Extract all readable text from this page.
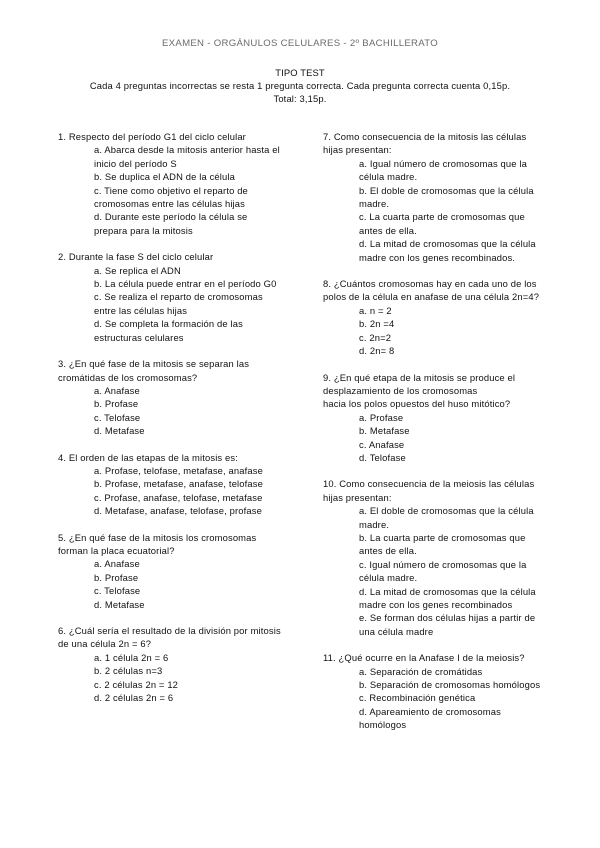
EXAMEN - ORGÁNULOS CELULARES - 2º BACHILLERATO
TIPO TEST
Cada 4 preguntas incorrectas se resta 1 pregunta correcta. Cada pregunta correcta cuenta 0,15p.
Total: 3,15p.
1. Respecto del período G1 del ciclo celular
a. Abarca desde la mitosis anterior hasta el
inicio del período S
b. Se duplica el ADN de la célula
c. Tiene como objetivo el reparto de
cromosomas entre las células hijas
d. Durante este período la célula se
prepara para la mitosis
2. Durante la fase S del ciclo celular
a. Se replica el ADN
b. La célula puede entrar en el período G0
c. Se realiza el reparto de cromosomas
entre las células hijas
d. Se completa la formación de las
estructuras celulares
3. ¿En qué fase de la mitosis se separan las
cromátidas de los cromosomas?
a. Anafase
b. Profase
c. Telofase
d. Metafase
4. El orden de las etapas de la mitosis es:
a. Profase, telofase, metafase, anafase
b. Profase, metafase, anafase, telofase
c. Profase, anafase, telofase, metafase
d. Metafase, anafase, telofase, profase
5. ¿En qué fase de la mitosis los cromosomas
forman la placa ecuatorial?
a. Anafase
b. Profase
c. Telofase
d. Metafase
6. ¿Cuál sería el resultado de la división por mitosis
de una célula 2n = 6?
a. 1 célula 2n = 6
b. 2 células n=3
c. 2 células 2n = 12
d. 2 células 2n = 6
7. Como consecuencia de la mitosis las células
hijas presentan:
a. Igual número de cromosomas que la
célula madre.
b. El doble de cromosomas que la célula
madre.
c. La cuarta parte de cromosomas que
antes de ella.
d. La mitad de cromosomas que la célula
madre con los genes recombinados.
8. ¿Cuántos cromosomas hay en cada uno de los
polos de la célula en anafase de una célula 2n=4?
a. n = 2
b. 2n =4
c. 2n=2
d. 2n= 8
9. ¿En qué etapa de la mitosis se produce el
desplazamiento de los cromosomas
hacia los polos opuestos del huso mitótico?
a. Profase
b. Metafase
c. Anafase
d. Telofase
10. Como consecuencia de la meiosis las células
hijas presentan:
a. El doble de cromosomas que la célula
madre.
b. La cuarta parte de cromosomas que
antes de ella.
c. Igual número de cromosomas que la
célula madre.
d. La mitad de cromosomas que la célula
madre con los genes recombinados
e. Se forman dos células hijas a partir de
una célula madre
11. ¿Qué ocurre en la Anafase I de la meiosis?
a. Separación de cromátidas
b. Separación de cromosomas homólogos
c. Recombinación genética
d. Apareamiento de cromosomas
homólogos
